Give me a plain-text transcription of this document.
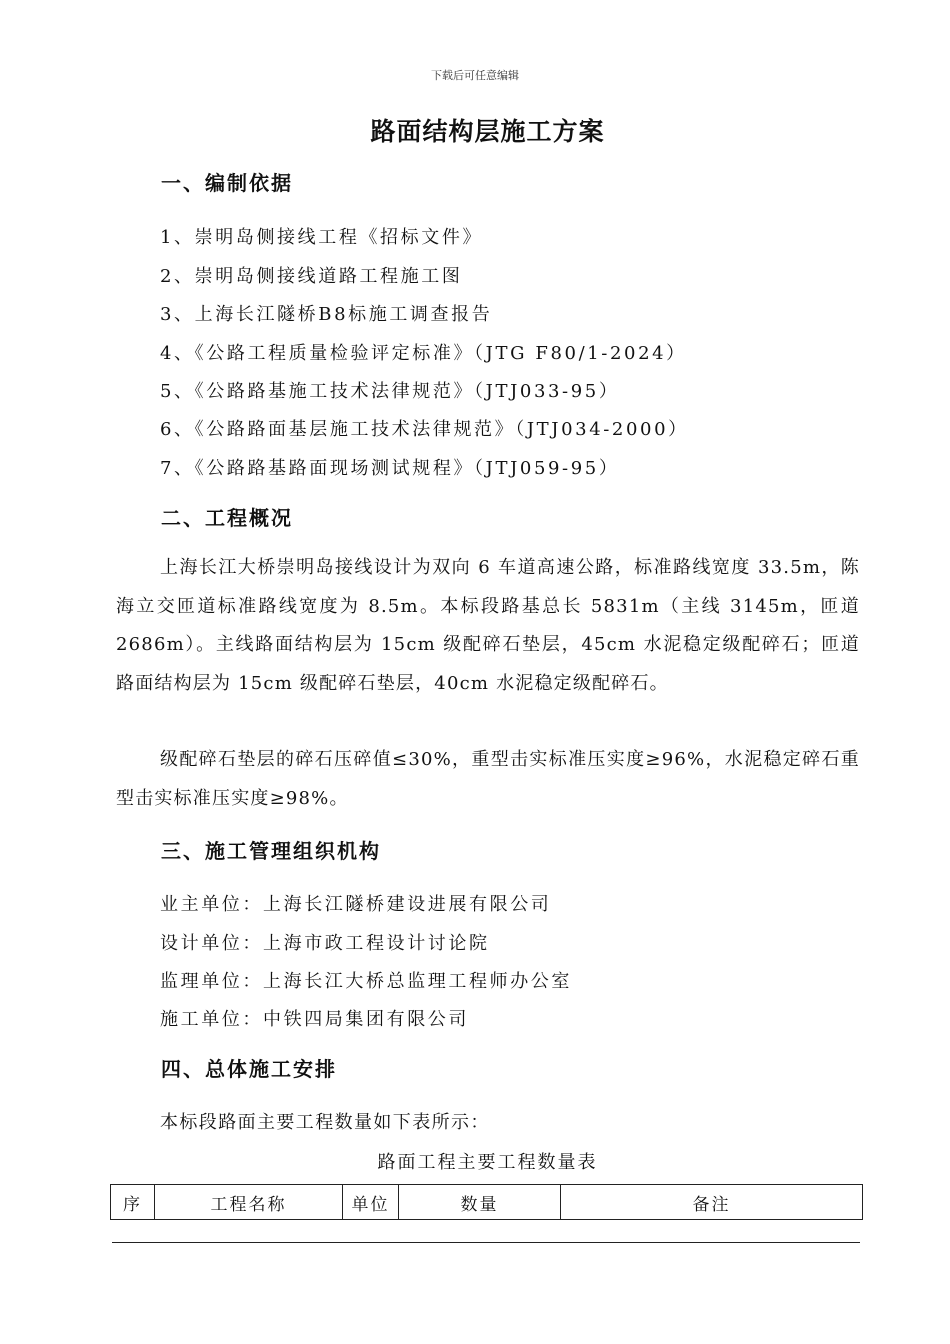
下载后可任意编辑
路面结构层施工方案
一、编制依据
1、崇明岛侧接线工程《招标文件》
2、崇明岛侧接线道路工程施工图
3、上海长江隧桥B8标施工调查报告
4、《公路工程质量检验评定标准》（JTG F80/1-2024）
5、《公路路基施工技术法律规范》（JTJ033-95）
6、《公路路面基层施工技术法律规范》（JTJ034-2000）
7、《公路路基路面现场测试规程》（JTJ059-95）
二、工程概况

上海长江大桥崇明岛接线设计为双向 6 车道高速公路，标准路线宽度 33.5m，陈海立交匝道标准路线宽度为 8.5m。本标段路基总长 5831m（主线 3145m，匝道 2686m）。主线路面结构层为 15cm 级配碎石垫层，45cm 水泥稳定级配碎石；匝道路面结构层为 15cm 级配碎石垫层，40cm 水泥稳定级配碎石。

级配碎石垫层的碎石压碎值≤30%，重型击实标准压实度≥96%，水泥稳定碎石重型击实标准压实度≥98%。

三、施工管理组织机构
业主单位：上海长江隧桥建设进展有限公司
设计单位：上海市政工程设计讨论院
监理单位：上海长江大桥总监理工程师办公室
施工单位：中铁四局集团有限公司
四、总体施工安排
本标段路面主要工程数量如下表所示：
路面工程主要工程数量表
序	工程名称	单位	数量	备注
